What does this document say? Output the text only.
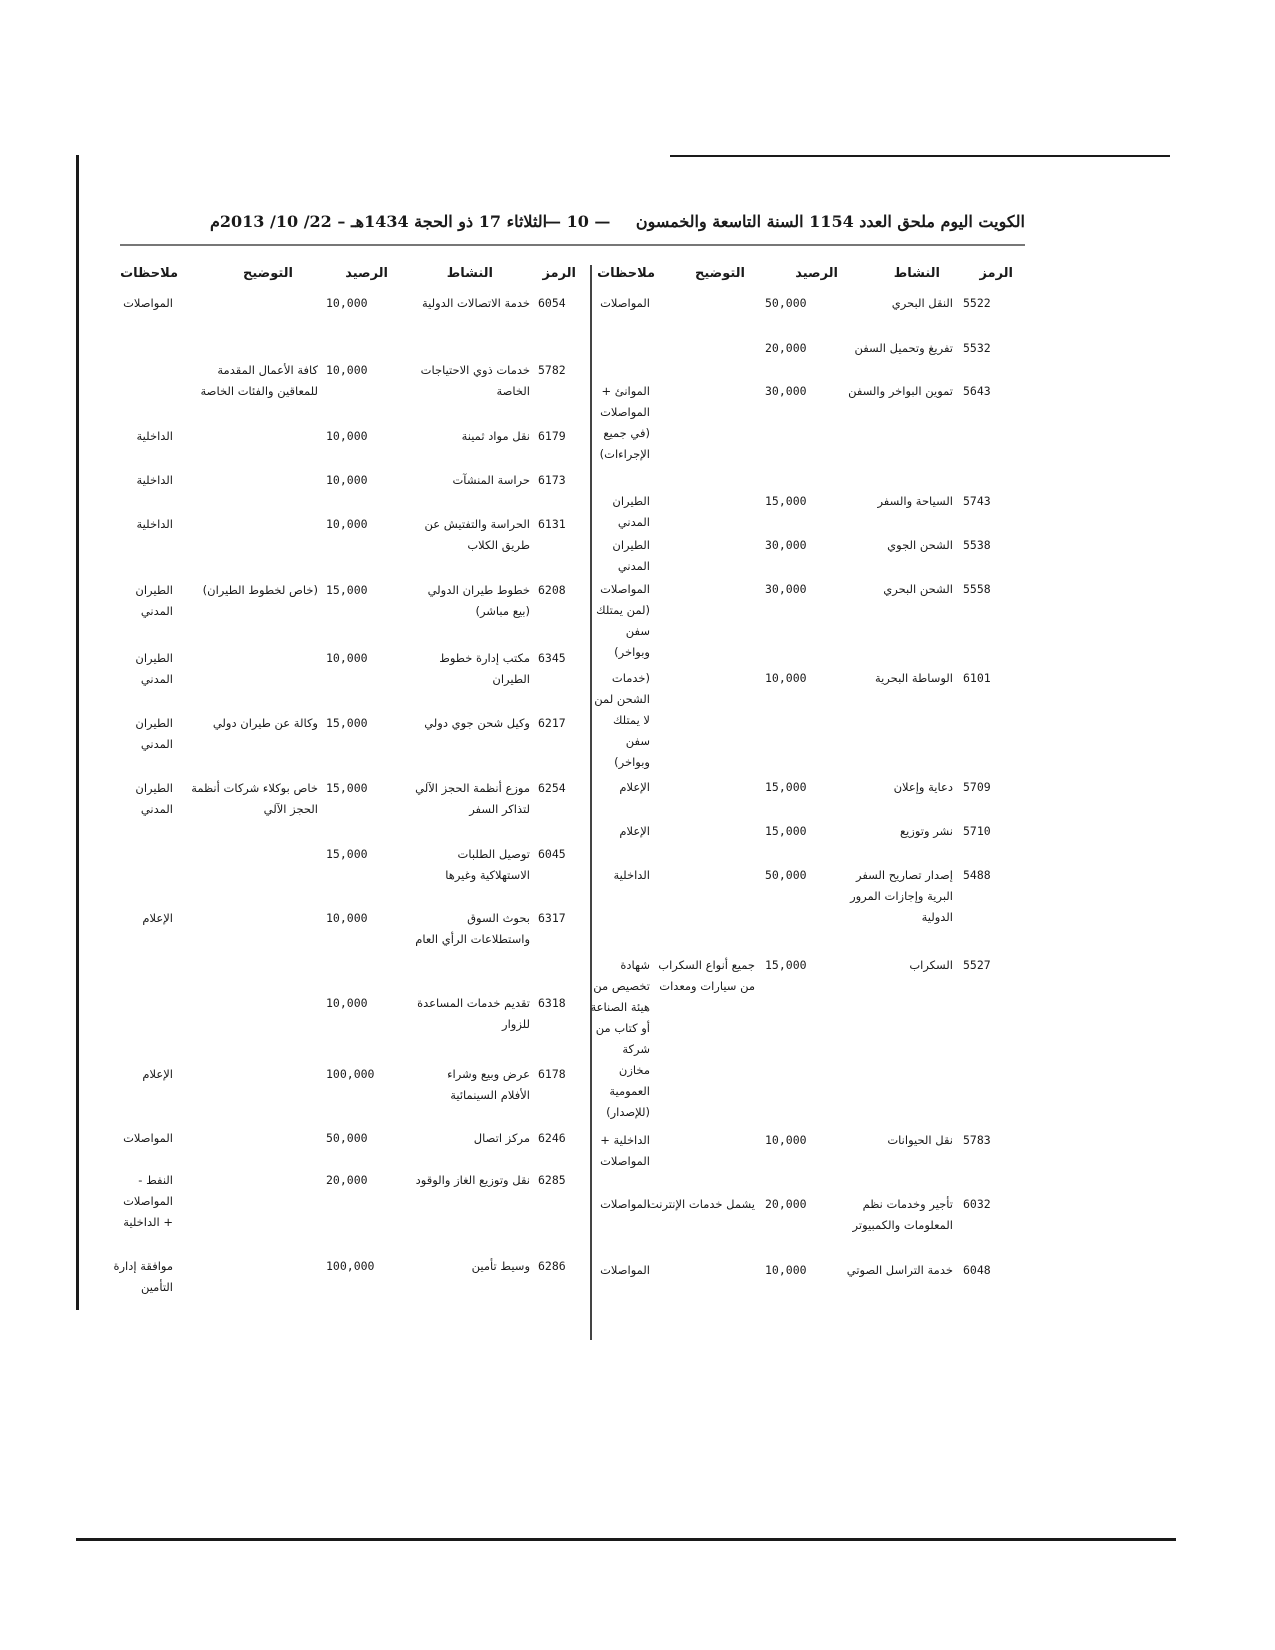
الثلاثاء 17 ذو الحجة 1434هـ – 22/ 10/ 2013م
— 10 — الكويت اليوم ملحق العدد 1154 السنة التاسعة والخمسون
الرمز
النشاط
الرصيد
التوضيح
ملاحظات
5522
النقل البحري
50,000
المواصلات
5532
تفريغ وتحميل السفن
20,000
5643
تموين البواخر والسفن
30,000
الموانئ + المواصلات (في جميع الإجراءات)
5743
السياحة والسفر
15,000
الطيران المدني
5538
الشحن الجوي
30,000
الطيران المدني
5558
الشحن البحري
30,000
المواصلات (لمن يمتلك سفن وبواخر)
6101
الوساطة البحرية
10,000
(خدمات الشحن لمن لا يمتلك سفن وبواخر)
5709
دعاية وإعلان
15,000
الإعلام
5710
نشر وتوزيع
15,000
الإعلام
5488
إصدار تصاريح السفر البرية وإجازات المرور الدولية
50,000
الداخلية
5527
السكراب
15,000
جميع أنواع السكراب من سيارات ومعدات
شهادة تخصيص من هيئة الصناعة أو كتاب من شركة مخازن العمومية (للإصدار)
5783
نقل الحيوانات
10,000
الداخلية + المواصلات
6032
تأجير وخدمات نظم المعلومات والكمبيوتر
20,000
يشمل خدمات الإنترنت
المواصلات
6048
خدمة التراسل الصوتي
10,000
المواصلات
الرمز
النشاط
الرصيد
التوضيح
ملاحظات
6054
خدمة الاتصالات الدولية
10,000
المواصلات
5782
خدمات ذوي الاحتياجات الخاصة
10,000
كافة الأعمال المقدمة للمعاقين والفئات الخاصة
6179
نقل مواد ثمينة
10,000
الداخلية
6173
حراسة المنشآت
10,000
الداخلية
6131
الحراسة والتفتيش عن طريق الكلاب
10,000
الداخلية
6208
خطوط طيران الدولي (بيع مباشر)
15,000
(خاص لخطوط الطيران)
الطيران المدني
6345
مكتب إدارة خطوط الطيران
10,000
الطيران المدني
6217
وكيل شحن جوي دولي
15,000
وكالة عن طيران دولي
الطيران المدني
6254
موزع أنظمة الحجز الآلي لتذاكر السفر
15,000
خاص بوكلاء شركات أنظمة الحجز الآلي
الطيران المدني
6045
توصيل الطلبات الاستهلاكية وغيرها
15,000
6317
بحوث السوق واستطلاعات الرأي العام
10,000
الإعلام
6318
تقديم خدمات المساعدة للزوار
10,000
6178
عرض وبيع وشراء الأفلام السينمائية
100,000
الإعلام
6246
مركز اتصال
50,000
المواصلات
6285
نقل وتوزيع الغاز والوقود
20,000
النفط - المواصلات + الداخلية
6286
وسيط تأمين
100,000
موافقة إدارة التأمين
